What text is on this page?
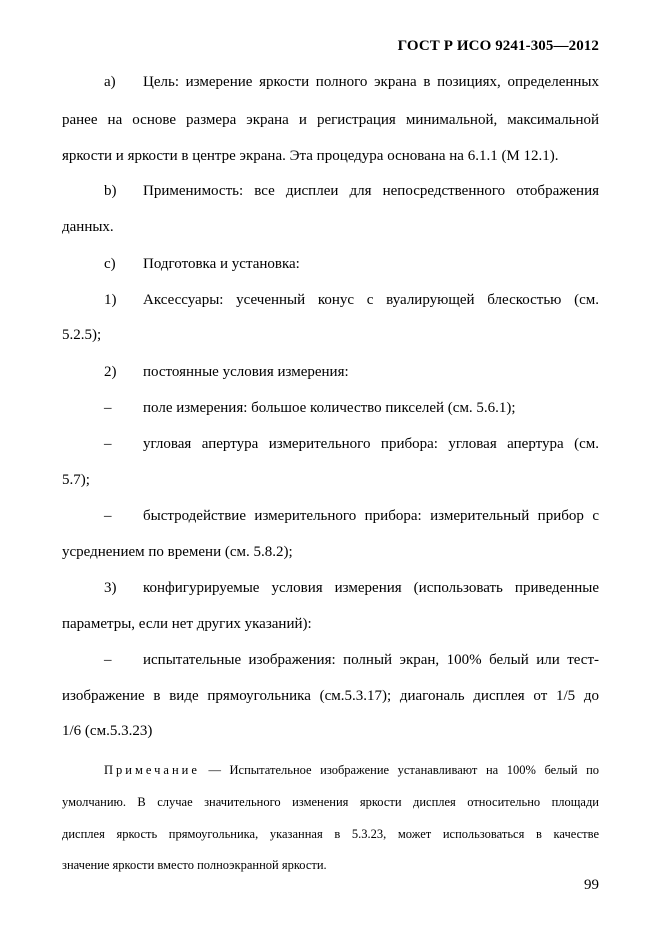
ГОСТ Р ИСО 9241-305—2012
a) Цель: измерение яркости полного экрана в позициях, определенных
ранее на основе размера экрана и регистрация минимальной, максимальной
яркости и яркости в центре экрана. Эта процедура основана на 6.1.1 (М 12.1).
b) Применимость: все дисплеи для непосредственного отображения
данных.
c) Подготовка и установка:
1) Аксессуары: усеченный конус с вуалирующей блескостью (см.
5.2.5);
2) постоянные условия измерения:
– поле измерения: большое количество пикселей (см. 5.6.1);
– угловая апертура измерительного прибора: угловая апертура (см.
5.7);
– быстродействие измерительного прибора: измерительный прибор с
усреднением по времени (см. 5.8.2);
3) конфигурируемые условия измерения (использовать приведенные
параметры, если нет других указаний):
– испытательные изображения: полный экран, 100% белый или тест-
изображение в виде прямоугольника (см.5.3.17); диагональ дисплея от 1/5 до
1/6 (см.5.3.23)
Примечание — Испытательное изображение устанавливают на 100% белый по
умолчанию. В случае значительного изменения яркости дисплея относительно площади
дисплея яркость прямоугольника, указанная в 5.3.23, может использоваться в качестве
значение яркости вместо полноэкранной яркости.
99
